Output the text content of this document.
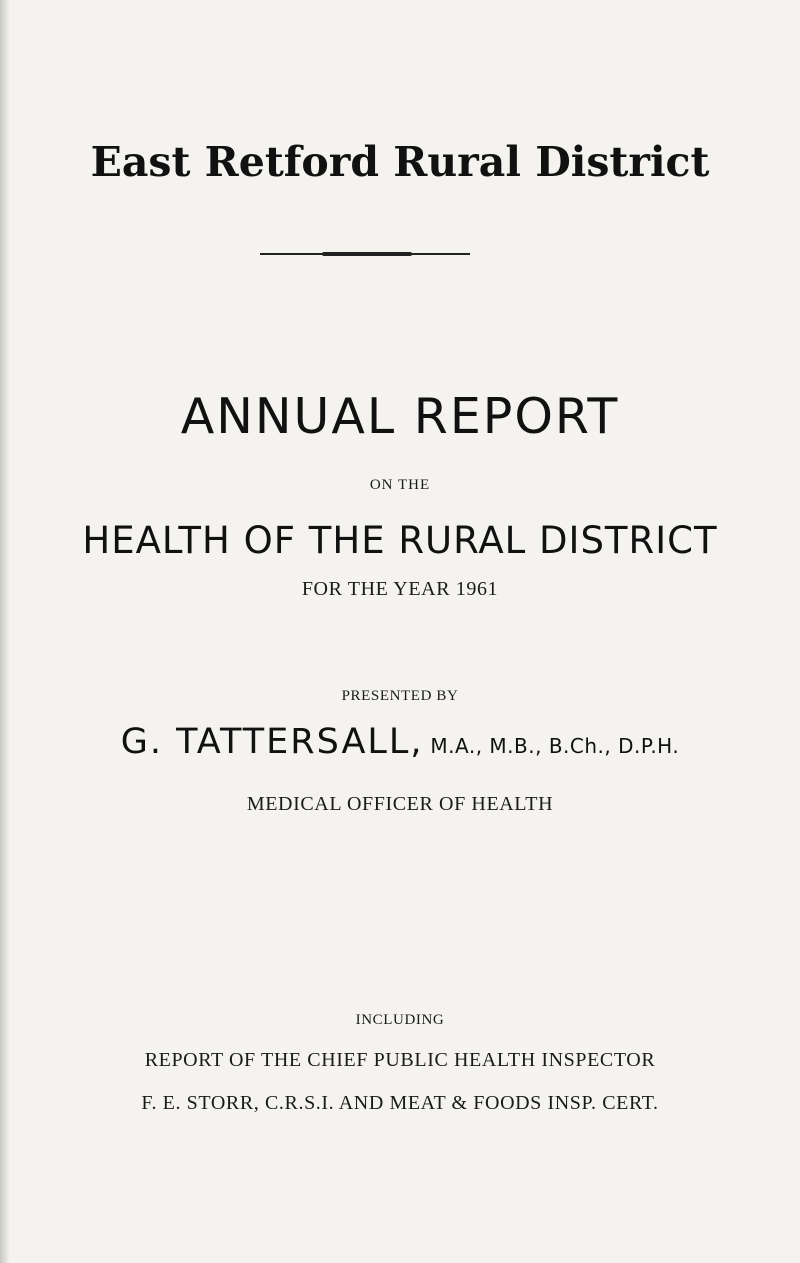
East Retford Rural District
ANNUAL REPORT
ON THE
HEALTH OF THE RURAL DISTRICT
FOR THE YEAR 1961
PRESENTED BY
G. TATTERSALL, M.A., M.B., B.Ch., D.P.H.
MEDICAL OFFICER OF HEALTH
INCLUDING
REPORT OF THE CHIEF PUBLIC HEALTH INSPECTOR
F. E. STORR, C.R.S.I. AND MEAT & FOODS INSP. CERT.
